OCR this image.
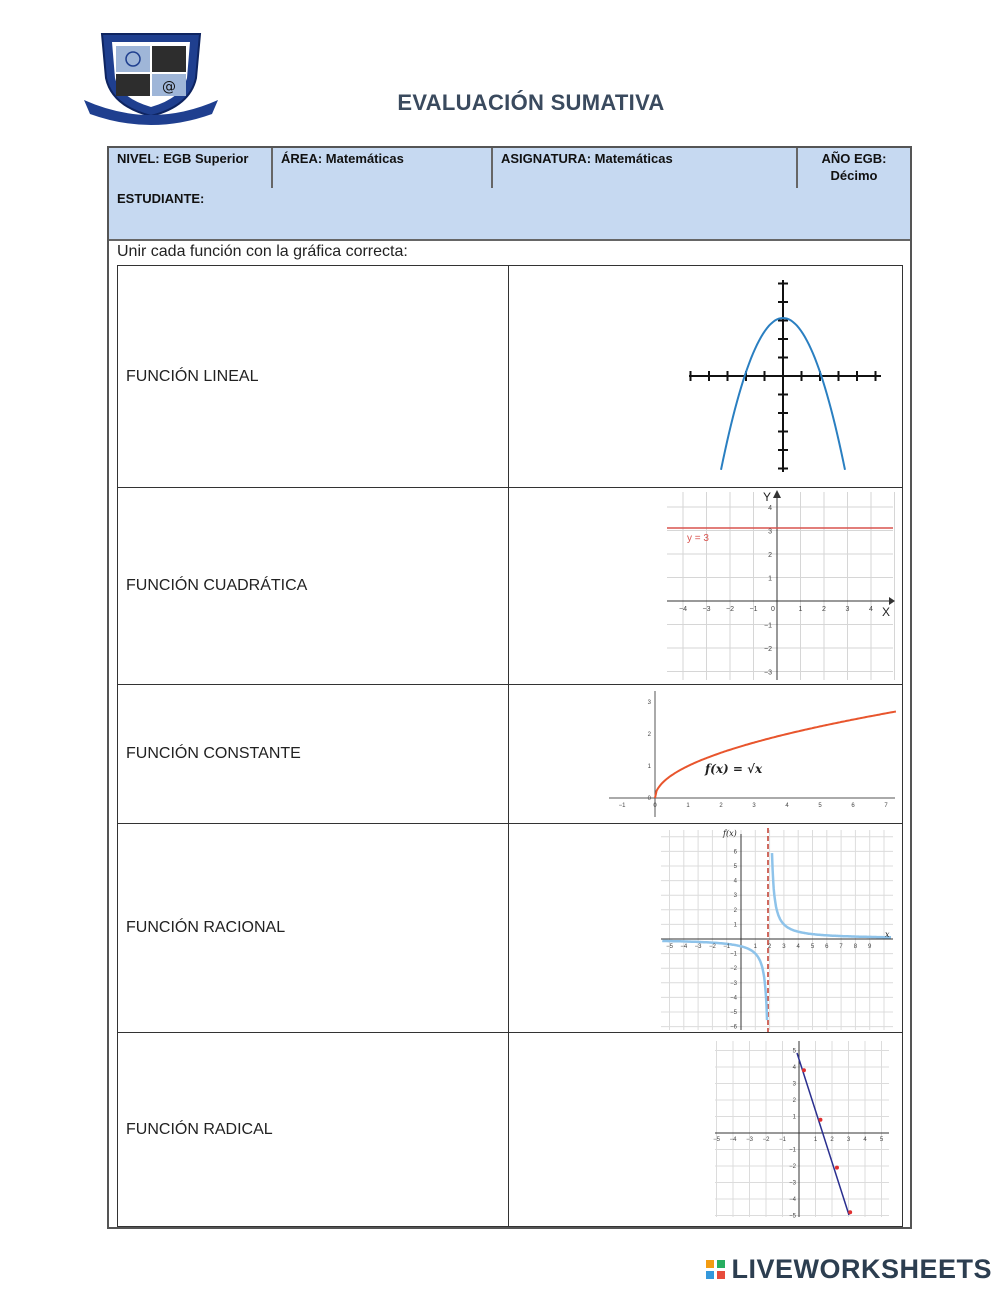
@
EVALUACIÓN SUMATIVA
NIVEL: EGB Superior	ÁREA: Matemáticas	ASIGNATURA: Matemáticas	AÑO EGB:
Décimo
ESTUDIANTE:
Unir cada función con la gráfica correcta:
FUNCIÓN LINEAL
FUNCIÓN CUADRÁTICA
y = 3
X
Y
−4 −3 −2 −1 0	1	2	3	4
4
3
2
1
−1
−2
−3
FUNCIÓN CONSTANTE
f(x) = √x
−1	0	1	2	3	4	5	6	7
3
2
1
0
FUNCIÓN RACIONAL
f(x)
x
−5 −4 −3 −2 −1	1 2 3 4 5 6 7 8 9
6
5
4
3
2
1
−1
−2
−3
−4
−5
−6
FUNCIÓN RADICAL
−5 −4 −3 −2 −1	1 2 3 4 5
5
4
3
2
1
−1
−2
−3
−4
−5
LIVEWORKSHEETS
